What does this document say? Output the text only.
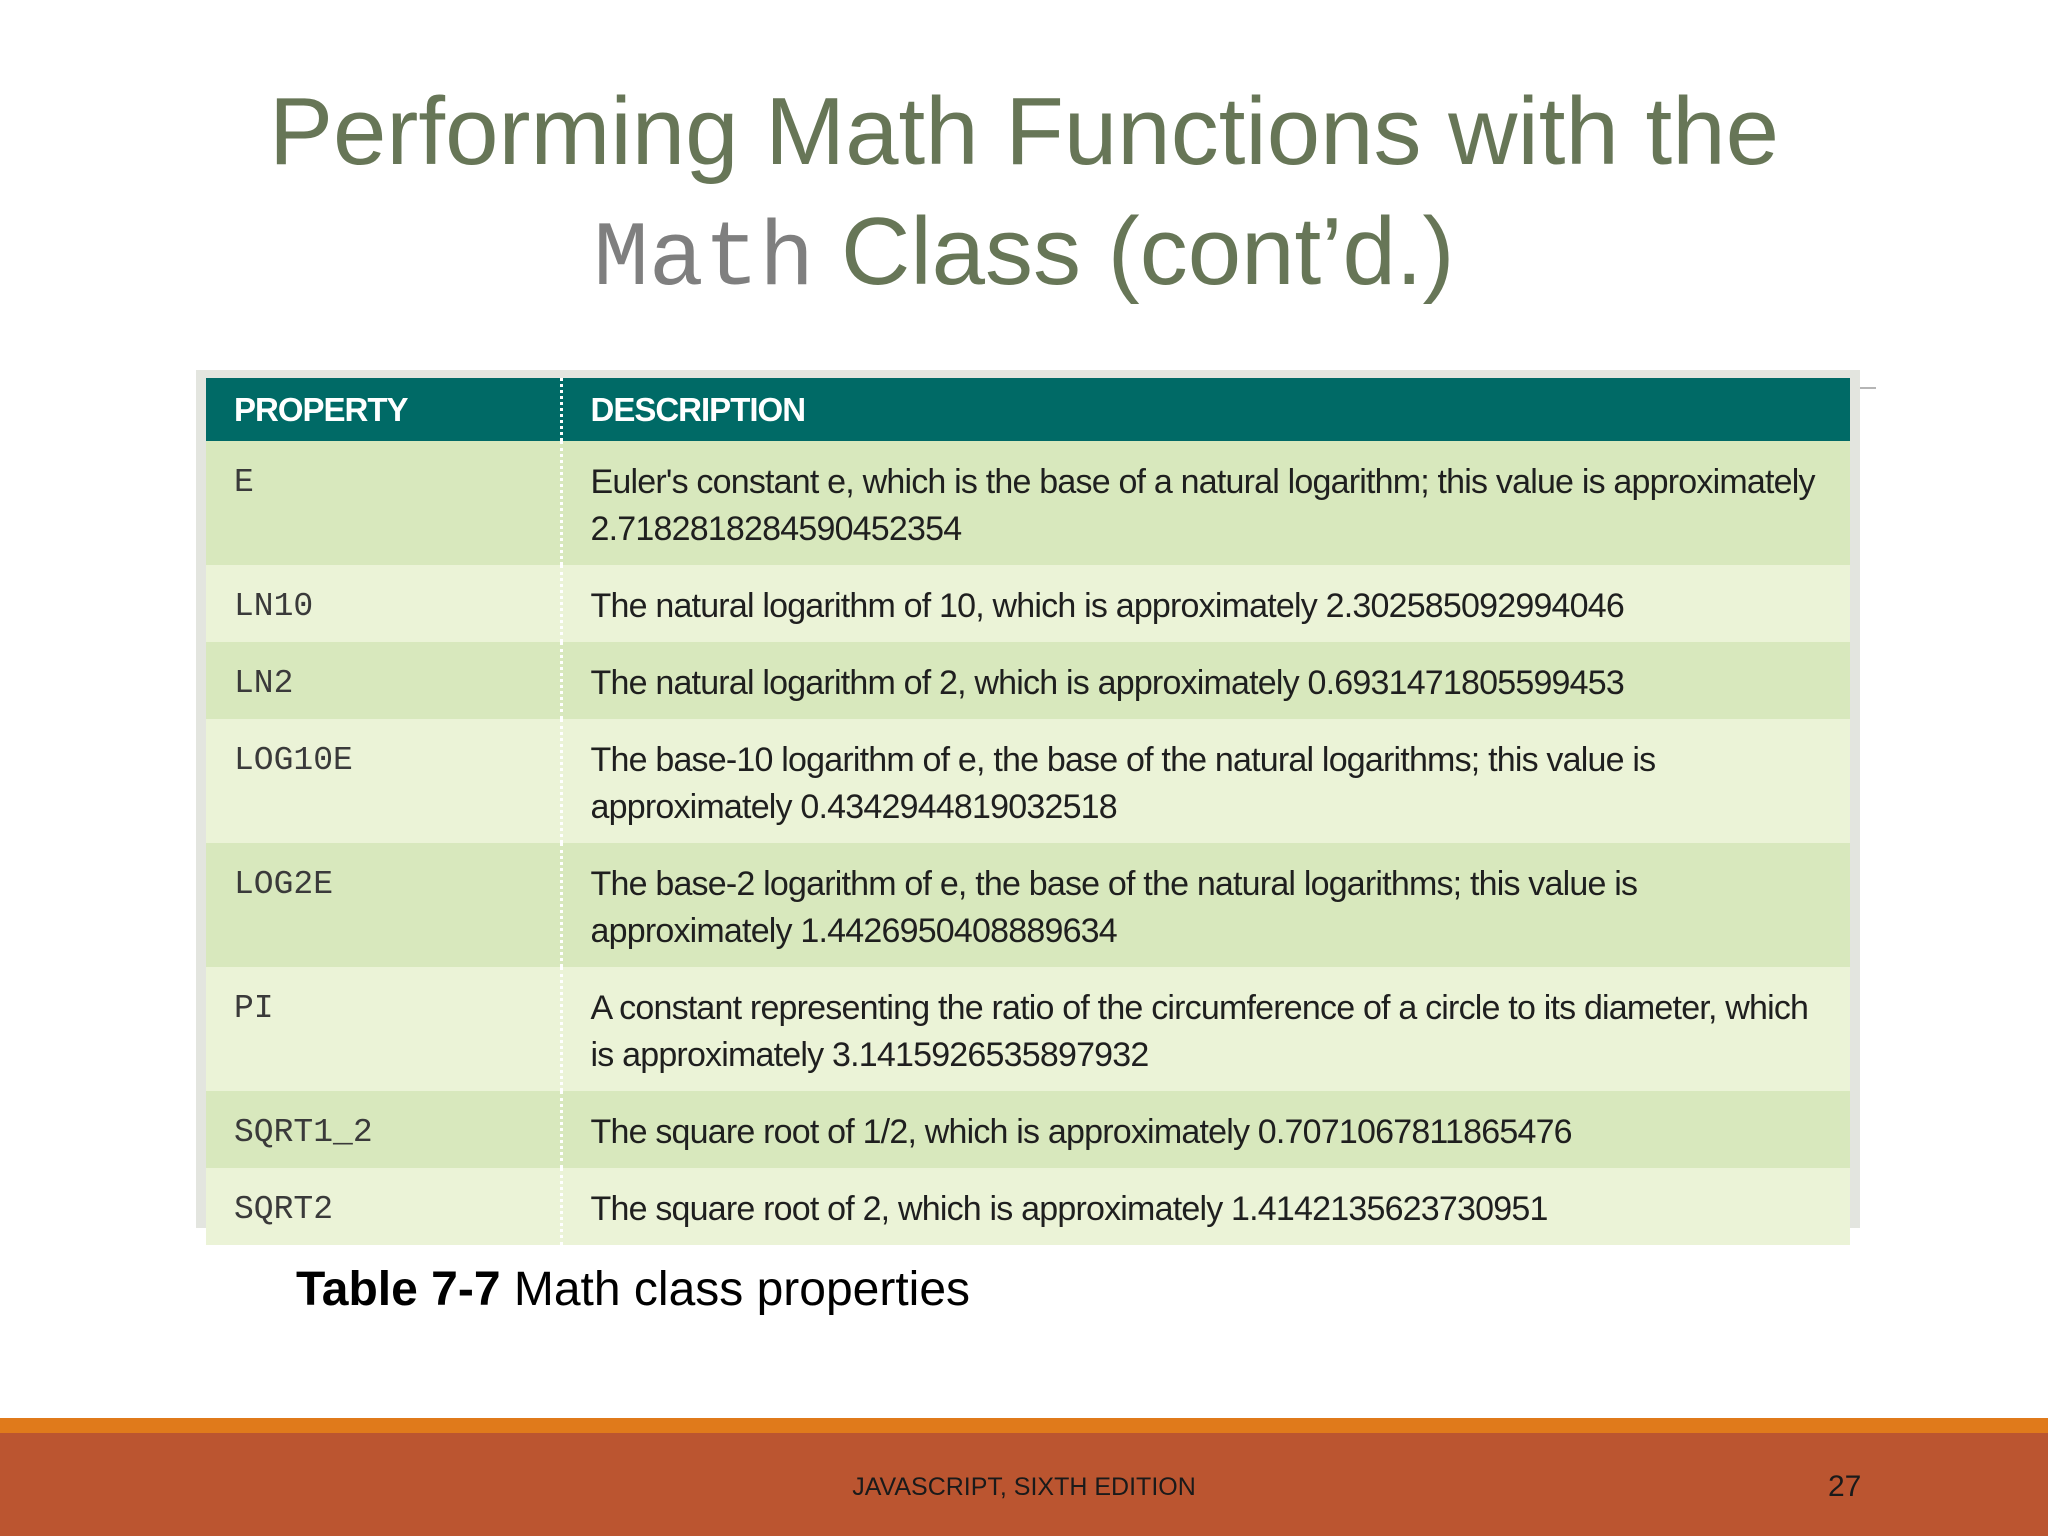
Performing Math Functions with the
Math Class (cont’d.)
PROPERTY	DESCRIPTION
E	Euler's constant e, which is the base of a natural logarithm; this value is approximately 2.718281828459045235​4
LN10	The natural logarithm of 10, which is approximately 2.302585092994046
LN2	The natural logarithm of 2, which is approximately 0.6931471805599453
LOG10E	The base-10 logarithm of e, the base of the natural logarithms; this value is approximately 0.4342944819032518
LOG2E	The base-2 logarithm of e, the base of the natural logarithms; this value is approximately 1.4426950408889634
PI	A constant representing the ratio of the circumference of a circle to its diameter, which is approximately 3.1415926535897932
SQRT1_2	The square root of 1/2, which is approximately 0.7071067811865476
SQRT2	The square root of 2, which is approximately 1.4142135623730951
Table 7-7 Math class properties
JAVASCRIPT, SIXTH EDITION	27
